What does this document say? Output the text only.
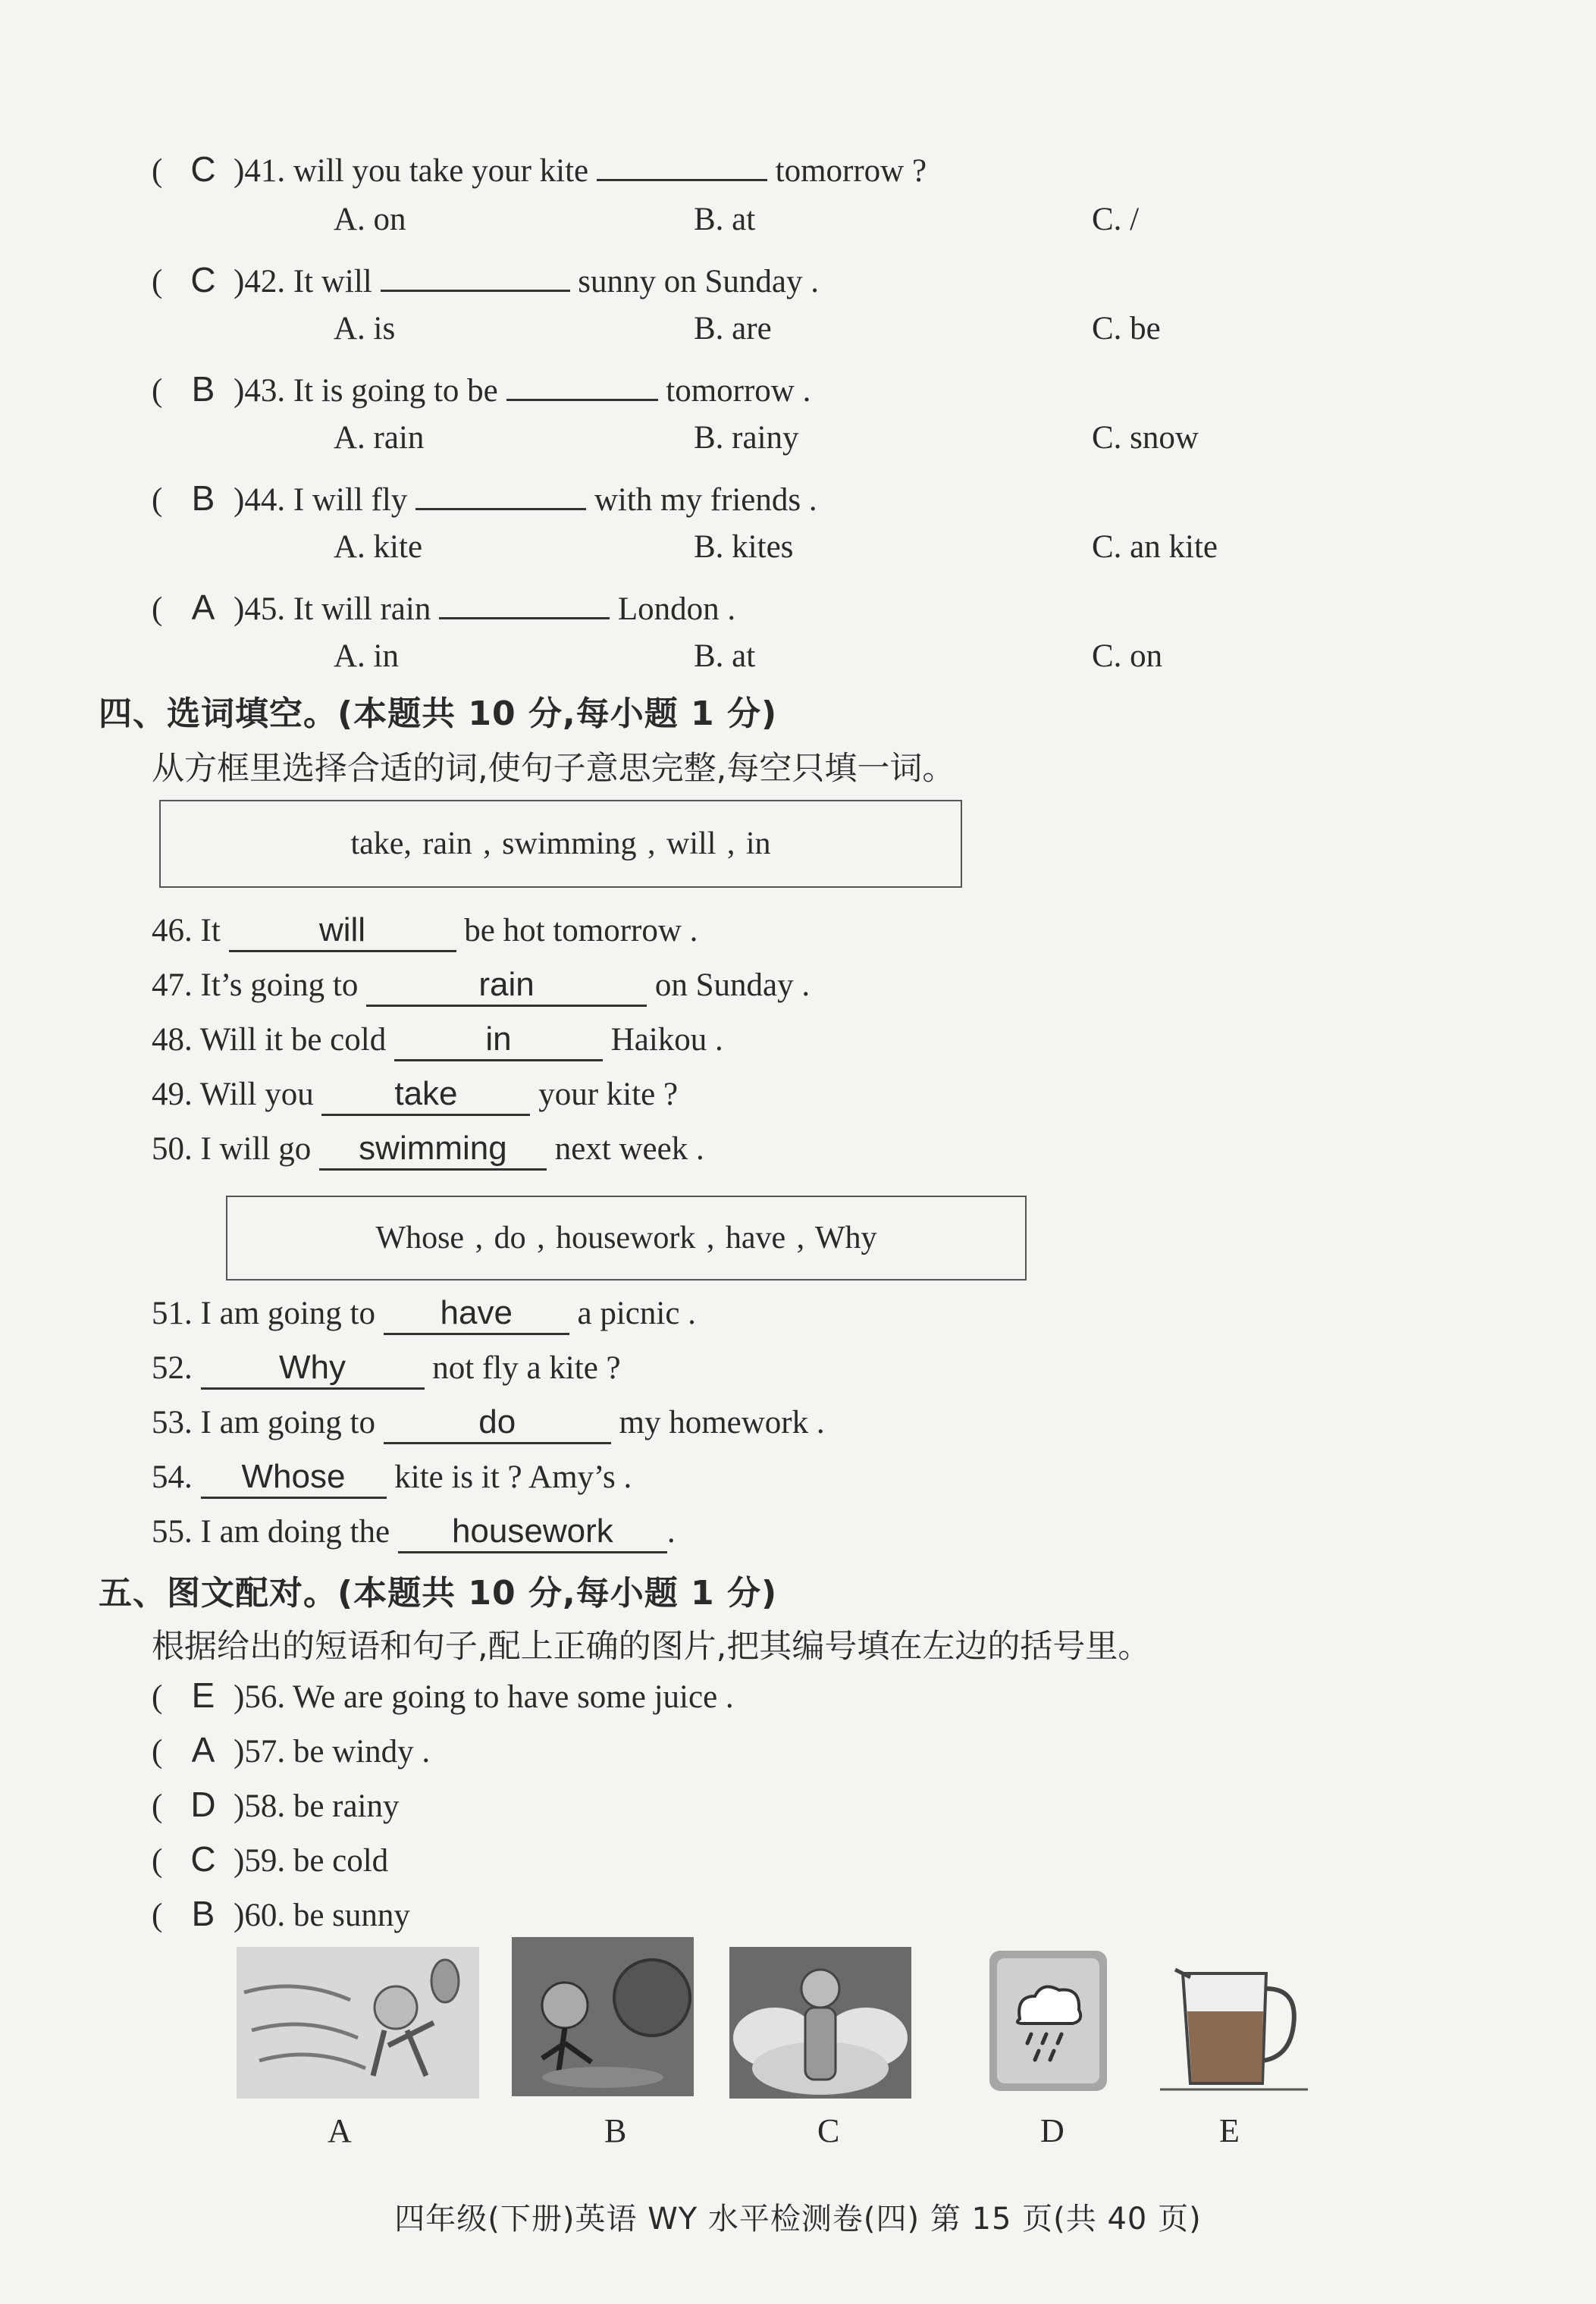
( C )41. will you take your kite	tomorrow ?
A. on	B. at	C. /
( C )42. It will	sunny on Sunday .
A. is	B. are	C. be
( B )43. It is going to be	tomorrow .
A. rain	B. rainy	C. snow
( B )44. I will fly	with my friends .
A. kite	B. kites	C. an kite
( A )45. It will rain	London .
A. in	B. at	C. on
四、选词填空。(本题共 10 分,每小题 1 分)
从方框里选择合适的词,使句子意思完整,每空只填一词。
take, rain , swimming , will , in
46. It	will	be hot tomorrow .
47. It’s going to	rain	on Sunday .
48. Will it be cold	in	Haikou .
49. Will you take your kite ?
50. I will go swimming next week .
Whose , do , housework , have , Why
51. I am going to have a picnic .
52.	Why	not fly a kite ?
53. I am going to	do	my homework .
54. Whose kite is it ? Amy’s .
55. I am doing the housework .
五、图文配对。(本题共 10 分,每小题 1 分)
根据给出的短语和句子,配上正确的图片,把其编号填在左边的括号里。
( E )56. We are going to have some juice .
( A )57. be windy .
( D )58. be rainy
( C )59. be cold
( B )60. be sunny
A	B	C	D	E
四年级(下册)英语 WY 水平检测卷(四) 第 15 页(共 40 页)
